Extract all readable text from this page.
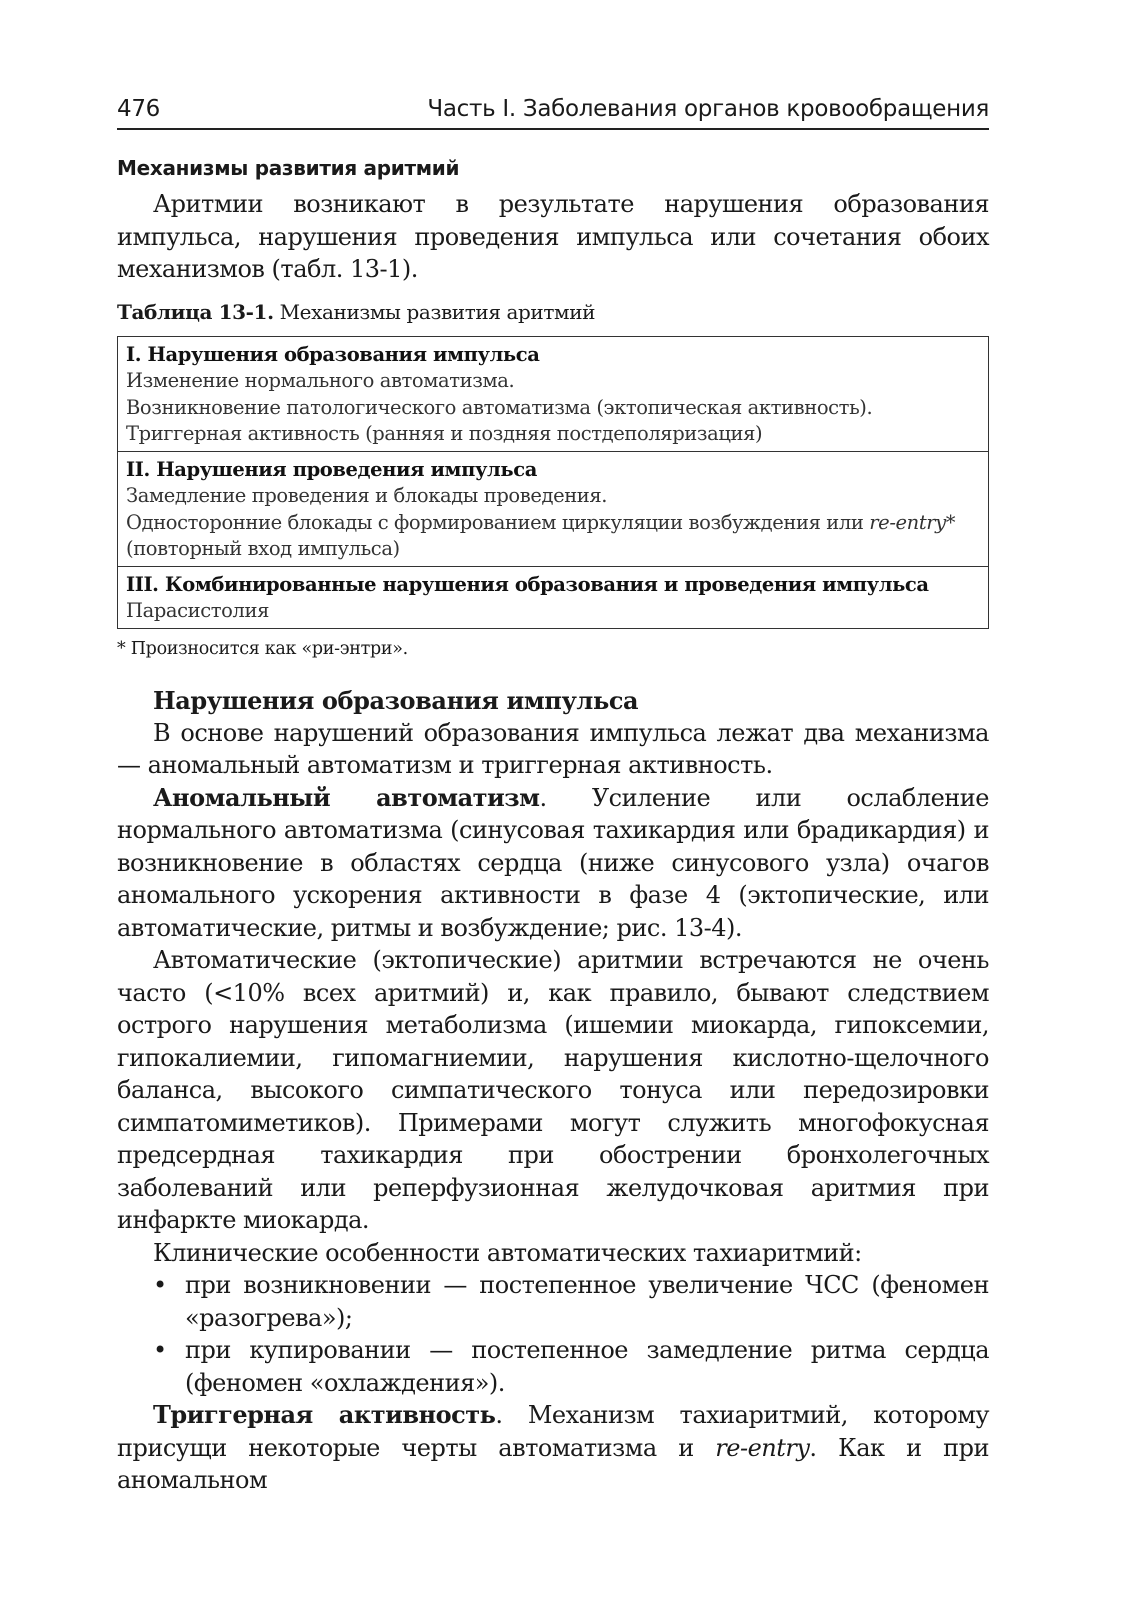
476	Часть I. Заболевания органов кровообращения
Механизмы развития аритмий

Аритмии возникают в результате нарушения образования импульса, нарушения проведения импульса или сочетания обоих механизмов (табл. 13-1).

Таблица 13-1. Механизмы развития аритмий
I. Нарушения образования импульса
Изменение нормального автоматизма.
Возникновение патологического автоматизма (эктопическая активность).
Триггерная активность (ранняя и поздняя постдеполяризация)
II. Нарушения проведения импульса
Замедление проведения и блокады проведения.
Односторонние блокады с формированием циркуляции возбуждения или re-entry*
(повторный вход импульса)
III. Комбинированные нарушения образования и проведения импульса
Парасистолия
* Произносится как «ри-энтри».
Нарушения образования импульса

В основе нарушений образования импульса лежат два механизма — аномальный автоматизм и триггерная активность.

Аномальный автоматизм. Усиление или ослабление нормального автоматизма (синусовая тахикардия или брадикардия) и возникновение в областях сердца (ниже синусового узла) очагов аномального ускорения активности в фазе 4 (эктопические, или автоматические, ритмы и возбуждение; рис. 13-4).

Автоматические (эктопические) аритмии встречаются не очень часто (<10% всех аритмий) и, как правило, бывают следствием острого нарушения метаболизма (ишемии миокарда, гипоксемии, гипокалиемии, гипомагниемии, нарушения кислотно-щелочного баланса, высокого симпатического тонуса или передозировки симпатомиметиков). Примерами могут служить многофокусная предсердная тахикардия при обострении бронхолегочных заболеваний или реперфузионная желудочковая аритмия при инфаркте миокарда.

Клинические особенности автоматических тахиаритмий:

• при возникновении — постепенное увеличение ЧСС (феномен «разогрева»);
• при купировании — постепенное замедление ритма сердца (феномен «охлаждения»).

Триггерная активность. Механизм тахиаритмий, которому присущи некоторые черты автоматизма и re-entry. Как и при аномальном
